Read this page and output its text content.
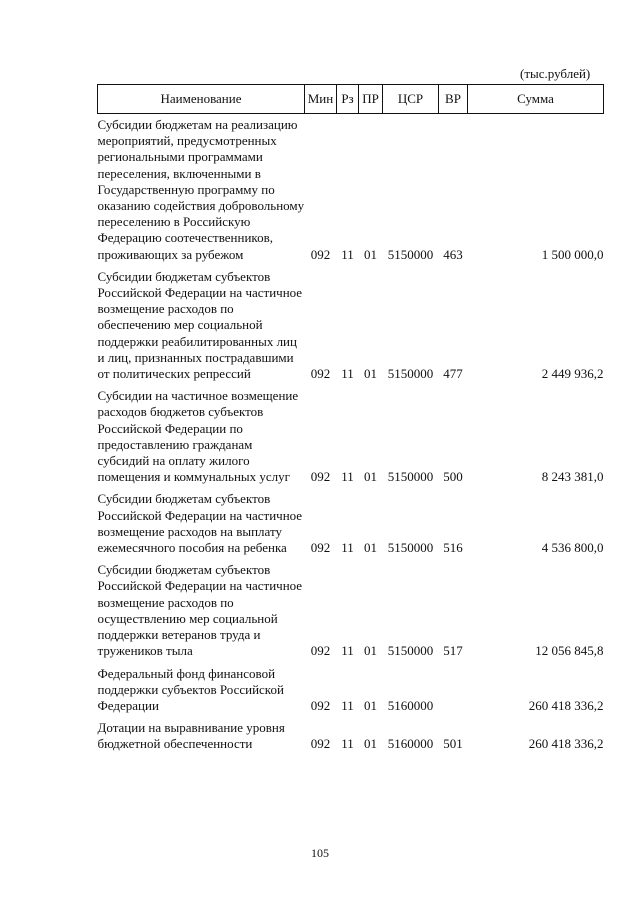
(тыс.рублей)
Наименование	Мин	Рз	ПР	ЦСР	ВР	Сумма
Субсидии бюджетам на реализацию мероприятий, предусмотренных региональными программами переселения, включенными в Государственную программу по оказанию содействия добровольному переселению в Российскую Федерацию соотечественников, проживающих за рубежом	092	11	01	5150000	463	1 500 000,0
Субсидии бюджетам субъектов Российской Федерации на частичное возмещение расходов по обеспечению мер социальной поддержки реабилитированных лиц и лиц, признанных пострадавшими от политических репрессий	092	11	01	5150000	477	2 449 936,2
Субсидии на частичное возмещение расходов бюджетов субъектов Российской Федерации по предоставлению гражданам субсидий на оплату жилого помещения и коммунальных услуг	092	11	01	5150000	500	8 243 381,0
Субсидии бюджетам субъектов Российской Федерации на частичное возмещение расходов на выплату ежемесячного пособия на ребенка	092	11	01	5150000	516	4 536 800,0
Субсидии бюджетам субъектов Российской Федерации на частичное возмещение расходов по осуществлению мер социальной поддержки ветеранов труда и тружеников тыла	092	11	01	5150000	517	12 056 845,8
Федеральный фонд финансовой поддержки субъектов Российской Федерации	092	11	01	5160000		260 418 336,2
Дотации на выравнивание уровня бюджетной обеспеченности	092	11	01	5160000	501	260 418 336,2
105
